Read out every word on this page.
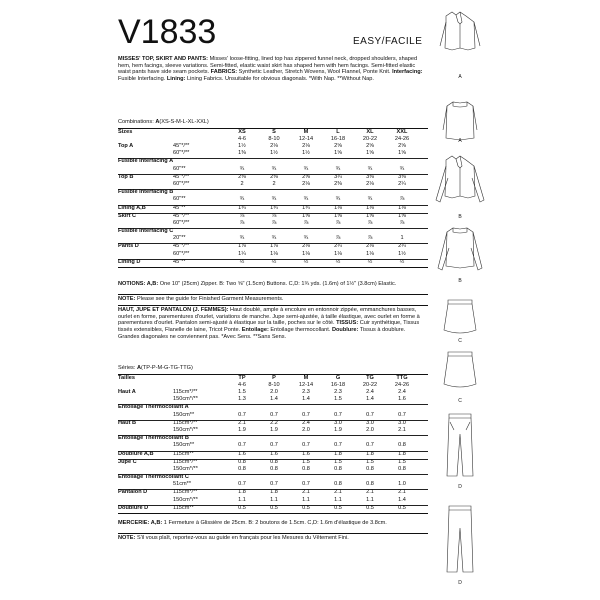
V1833	EASY/FACILE
MISSES' TOP, SKIRT AND PANTS: Misses' loose-fitting, lined top has zippered funnel neck, dropped shoulders, shaped hem, hem facings, sleeve variations. Semi-fitted, elastic waist skirt has shaped hem with hem facings. Semi-fitted elastic waist pants have side seam pockets. FABRICS: Synthetic Leather, Stretch Wovens, Wool Flannel, Ponte Knit. Interfacing: Fusible Interfacing. Lining: Lining Fabrics. Unsuitable for obvious diagonals. *With Nap. **Without Nap.
Combinations: A(XS-S-M-L-XL-XXL)
Sizes	XS	S	M	L	XL	XXL
4-6	8-10	12-14	16-18	20-22	24-26
Top A	45"*/**	1½	2⅛	2⅛	2⅝	2⅝	2⅝
60"*/**	1⅜	1½	1½	1⅝	1⅝	1⅝
Fusible Interfacing A
60"**	¾	¾	¾	¾	¾	¾
Top B	45"*/**	2⅜	2⅜	2⅝	3¼	3⅜	3⅜
60"*/**	2	2	2⅛	2⅜	2⅛	2¼
Fusible Interfacing B
60"**	¾	¾	¾	¾	¾	⅞
Lining A,B	45"**	1¾	1¾	1¾	1⅛	1⅛	1⅛
Skirt C	45"*/**	⅞	⅞	1⅝	1⅝	1⅝	1⅝
60"*/**	⅞	⅞	⅞	⅞	⅞	⅞
Fusible Interfacing C
20"**	¾	¾	¾	⅞	⅞	1
Pants D	45"*/**	1⅞	1⅞	2⅛	2¼	2⅛	2¼
60"*/**	1¼	1⅛	1⅛	1⅛	1⅛	1½
Lining D	45"**	½	½	½	½	½	½
NOTIONS: A,B: One 10" (25cm) Zipper. B: Two ⅝" (1.5cm) Buttons. C,D: 1¾ yds. (1.6m) of 1½" (3.8cm) Elastic.
NOTE: Please see the guide for Finished Garment Measurements.
HAUT, JUPE ET PANTALON (J. FEMMES): Haut doublé, ample à encolure en entonnoir zippée, emmanchures basses, ourlet en forme, parementures d'ourlet, variations de manche. Jupe semi-ajustée, à taille élastique, avec ourlet en forme à parementures d'ourlet. Pantalon semi-ajusté à élastique sur la taille, poches sur le côté. TISSUS: Cuir synthétique, Tissus tissés extensibles, Flanelle de laine, Tricot Ponte. Entoilage: Entoilage thermocollant. Doublure: Tissus à doublure. Grandes diagonales ne conviennent pas. *Avec Sens. **Sans Sens.
Séries: A(TP-P-M-G-TG-TTG)
Tailles	TP	P	M	G	TG	TTG
4-6	8-10	12-14	16-18	20-22	24-26
Haut A	115cm*/**	1.5	2.0	2.3	2.3	2.4	2.4
150cm*/**	1.3	1.4	1.4	1.5	1.4	1.6
Entoilage Thermocollant A
150cm**	0.7	0.7	0.7	0.7	0.7	0.7
Haut B	115cm*/**	2.1	2.2	2.4	3.0	3.0	3.0
150cm*/**	1.9	1.9	2.0	1.9	2.0	2.1
Entoilage Thermocollant B
150cm**	0.7	0.7	0.7	0.7	0.7	0.8
Doublure A,B	115cm**	1.6	1.6	1.6	1.8	1.8	1.8
Jupe C	115cm*/**	0.8	0.8	1.5	1.5	1.5	1.5
150cm*/**	0.8	0.8	0.8	0.8	0.8	0.8
Entoilage Thermocollant C
51cm**	0.7	0.7	0.7	0.8	0.8	1.0
Pantalon D	115cm*/**	1.8	1.8	2.1	2.1	2.1	2.1
150cm*/**	1.1	1.1	1.1	1.1	1.1	1.4
Doublure D	115cm**	0.5	0.5	0.5	0.5	0.5	0.5
MERCERIE: A,B: 1 Fermeture à Glissière de 25cm. B: 2 boutons de 1.5cm. C,D: 1.6m d'élastique de 3.8cm.
NOTE: S'il vous plaît, reportez-vous au guide en français pour les Mesures du Vêtement Fini.
A
A
B
B
C
C
D
D
